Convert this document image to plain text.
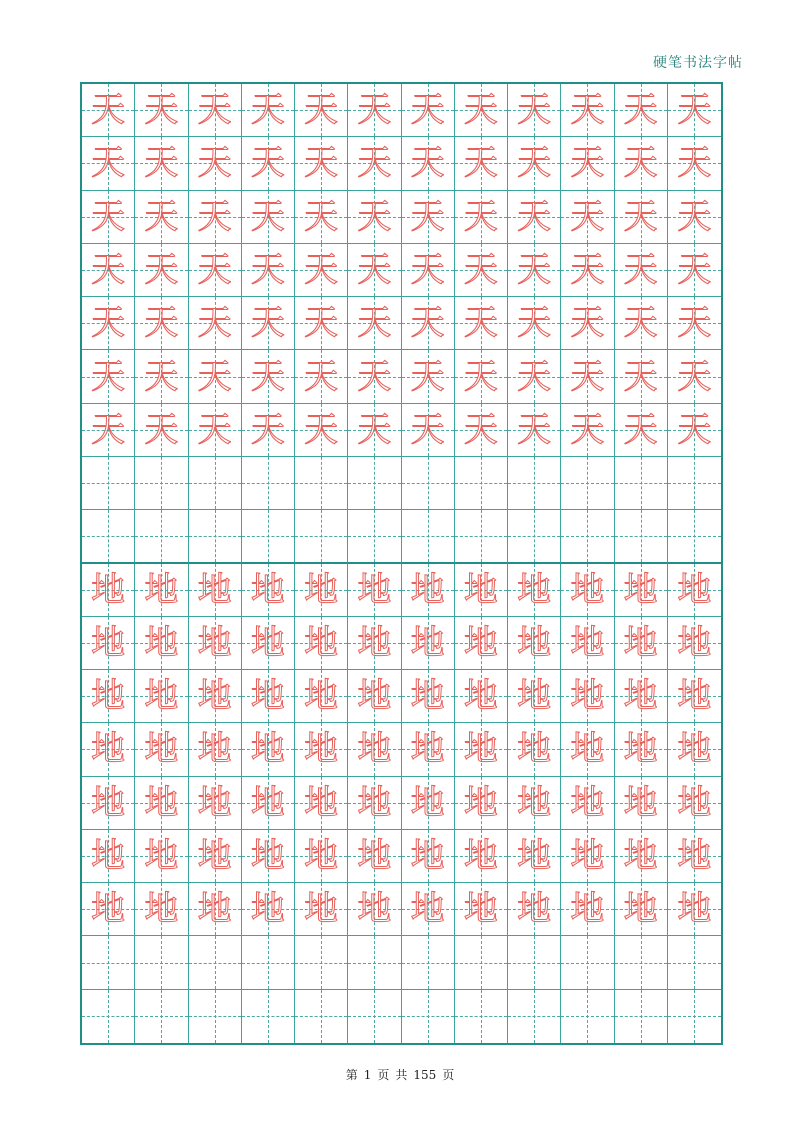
硬笔书法字帖
天 天 天 天 天 天 天 天 天 天 天 天
天 天 天 天 天 天 天 天 天 天 天 天
天 天 天 天 天 天 天 天 天 天 天 天
天 天 天 天 天 天 天 天 天 天 天 天
天 天 天 天 天 天 天 天 天 天 天 天
天 天 天 天 天 天 天 天 天 天 天 天
天 天 天 天 天 天 天 天 天 天 天 天
地 地 地 地 地 地 地 地 地 地 地 地
地 地 地 地 地 地 地 地 地 地 地 地
地 地 地 地 地 地 地 地 地 地 地 地
地 地 地 地 地 地 地 地 地 地 地 地
地 地 地 地 地 地 地 地 地 地 地 地
地 地 地 地 地 地 地 地 地 地 地 地
地 地 地 地 地 地 地 地 地 地 地 地
第 1 页 共 155 页
